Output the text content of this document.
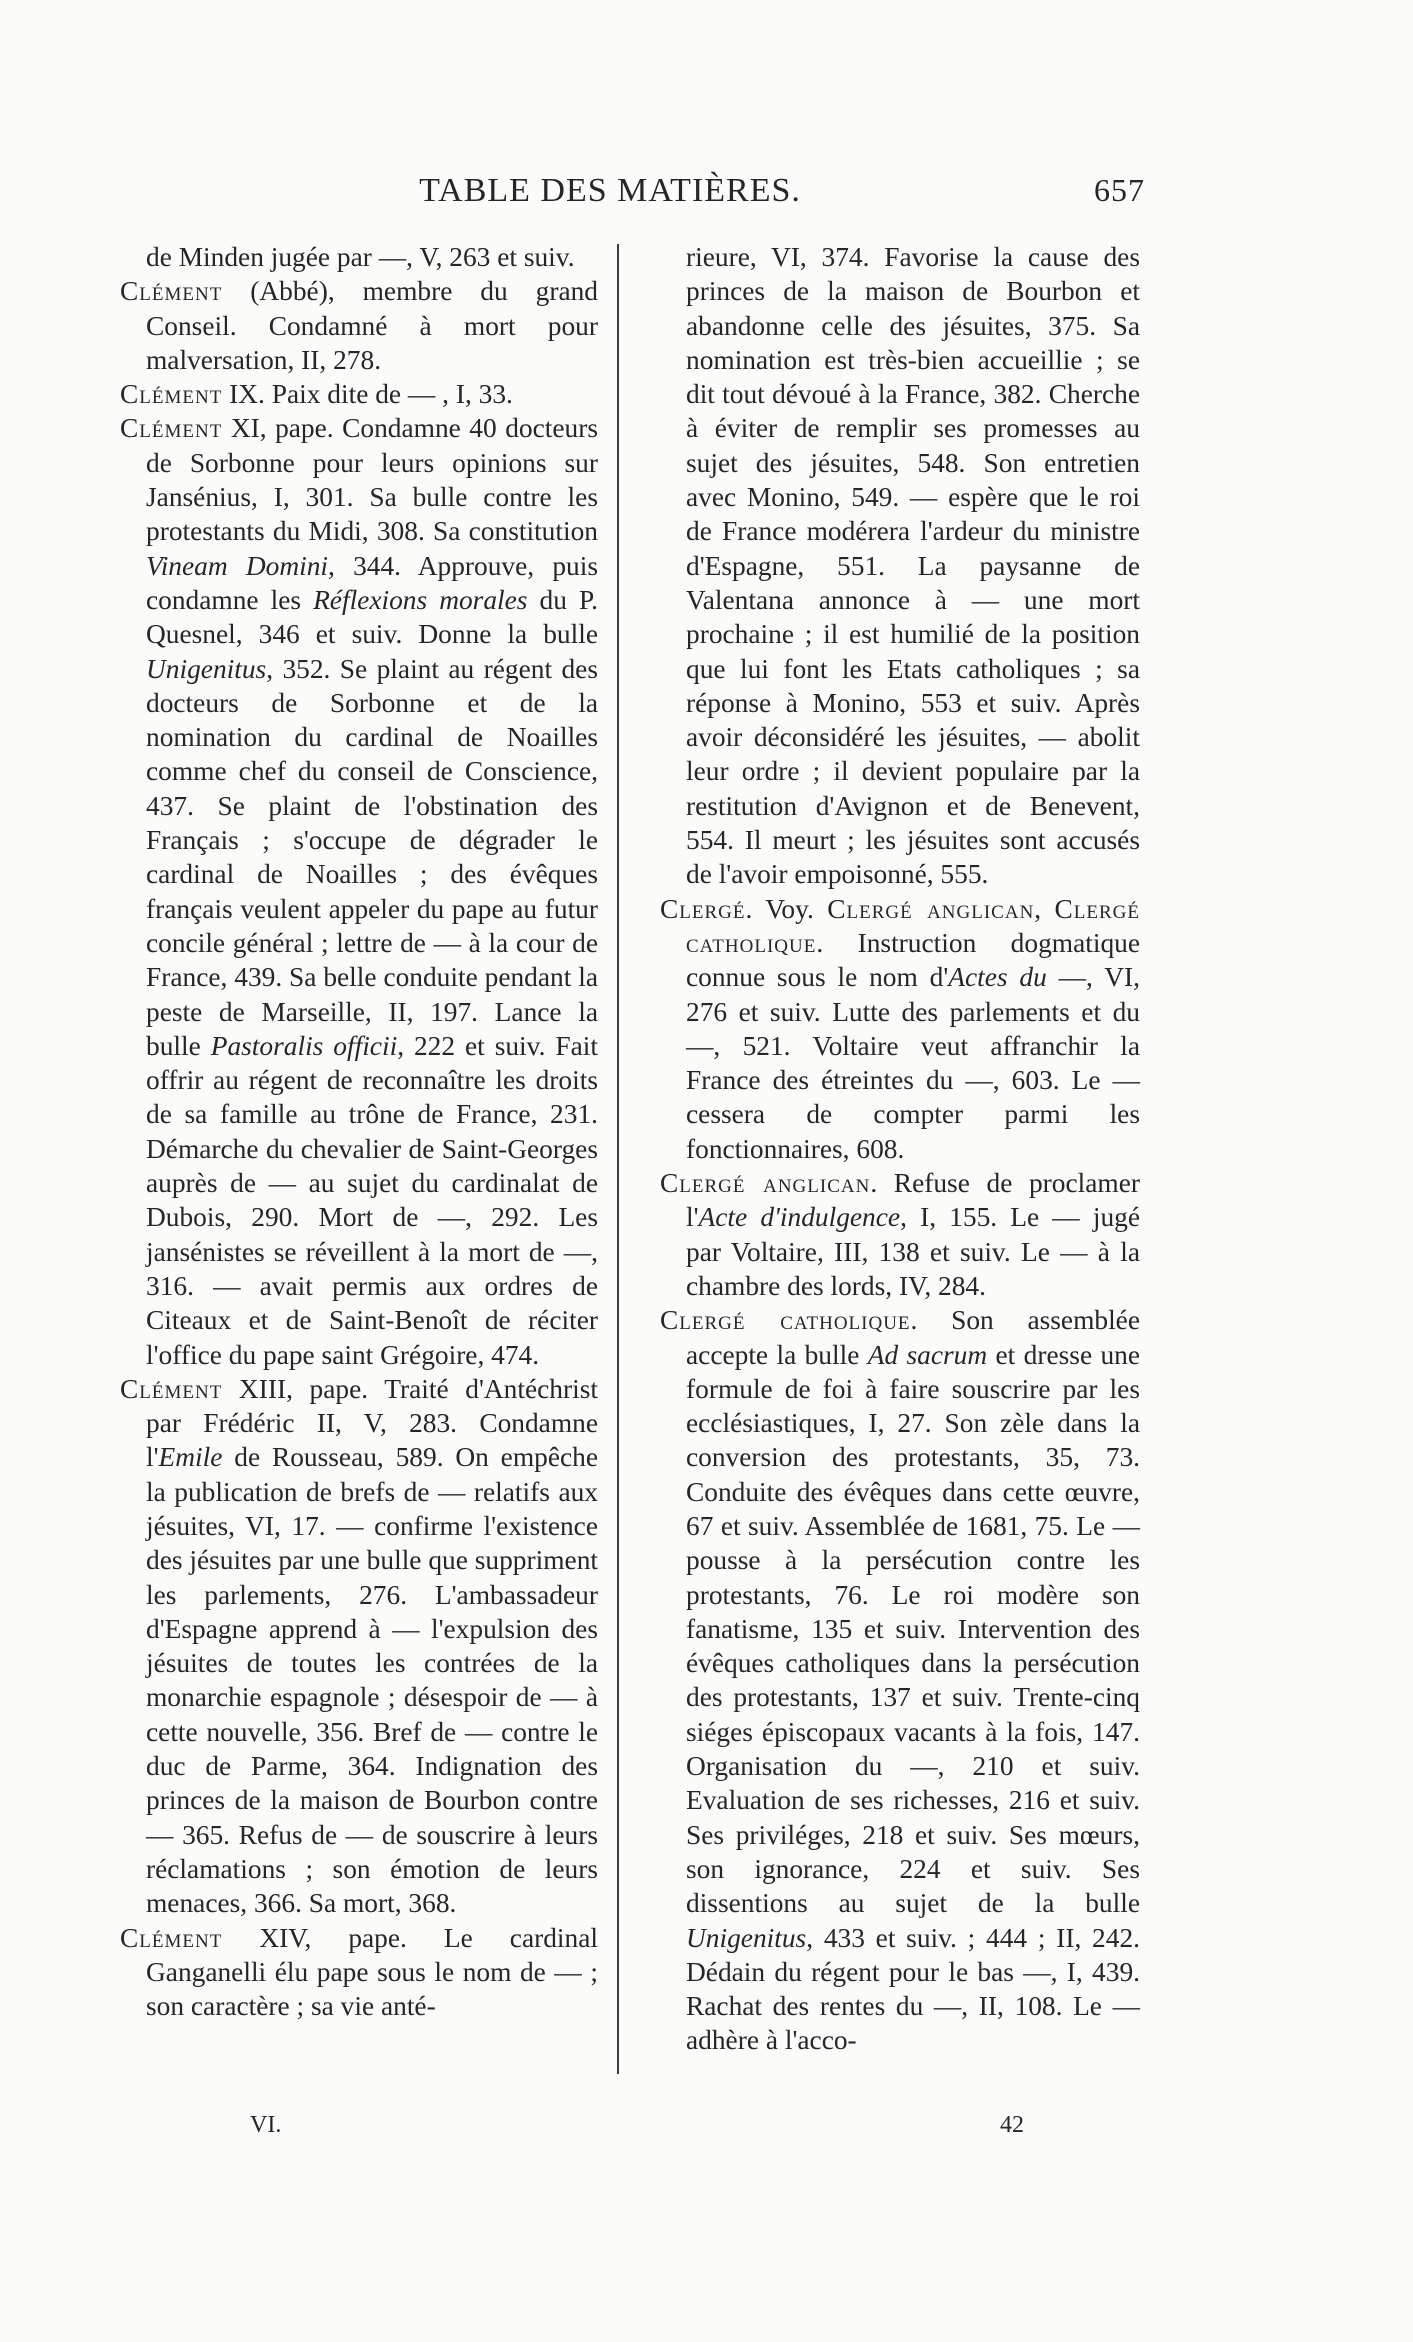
TABLE DES MATIÈRES.	657

de Minden jugée par —, V, 263 et suiv.

Clément (Abbé), membre du grand Conseil. Condamné à mort pour malversation, II, 278.

Clément IX. Paix dite de — , I, 33.

Clément XI, pape. Condamne 40 docteurs de Sorbonne pour leurs opinions sur Jansénius, I, 301. Sa bulle contre les protestants du Midi, 308. Sa constitution Vineam Domini, 344. Approuve, puis condamne les Réflexions morales du P. Quesnel, 346 et suiv. Donne la bulle Unigenitus, 352. Se plaint au régent des docteurs de Sorbonne et de la nomination du cardinal de Noailles comme chef du conseil de Conscience, 437. Se plaint de l'obstination des Français ; s'occupe de dégrader le cardinal de Noailles ; des évêques français veulent appeler du pape au futur concile général ; lettre de — à la cour de France, 439. Sa belle conduite pendant la peste de Marseille, II, 197. Lance la bulle Pastoralis officii, 222 et suiv. Fait offrir au régent de reconnaître les droits de sa famille au trône de France, 231. Démarche du chevalier de Saint-Georges auprès de — au sujet du cardinalat de Dubois, 290. Mort de —, 292. Les jansénistes se réveillent à la mort de —, 316. — avait permis aux ordres de Citeaux et de Saint-Benoît de réciter l'office du pape saint Grégoire, 474.

Clément XIII, pape. Traité d'Antéchrist par Frédéric II, V, 283. Condamne l'Emile de Rousseau, 589. On empêche la publication de brefs de — relatifs aux jésuites, VI, 17. — confirme l'existence des jésuites par une bulle que suppriment les parlements, 276. L'ambassadeur d'Espagne apprend à — l'expulsion des jésuites de toutes les contrées de la monarchie espagnole ; désespoir de — à cette nouvelle, 356. Bref de — contre le duc de Parme, 364. Indignation des princes de la maison de Bourbon contre — 365. Refus de — de souscrire à leurs réclamations ; son émotion de leurs menaces, 366. Sa mort, 368.

Clément XIV, pape. Le cardinal Ganganelli élu pape sous le nom de — ; son caractère ; sa vie anté-

rieure, VI, 374. Favorise la cause des princes de la maison de Bourbon et abandonne celle des jésuites, 375. Sa nomination est très-bien accueillie ; se dit tout dévoué à la France, 382. Cherche à éviter de remplir ses promesses au sujet des jésuites, 548. Son entretien avec Monino, 549. — espère que le roi de France modérera l'ardeur du ministre d'Espagne, 551. La paysanne de Valentana annonce à — une mort prochaine ; il est humilié de la position que lui font les Etats catholiques ; sa réponse à Monino, 553 et suiv. Après avoir déconsidéré les jésuites, — abolit leur ordre ; il devient populaire par la restitution d'Avignon et de Benevent, 554. Il meurt ; les jésuites sont accusés de l'avoir empoisonné, 555.

Clergé. Voy. Clergé anglican, Clergé catholique. Instruction dogmatique connue sous le nom d'Actes du —, VI, 276 et suiv. Lutte des parlements et du —, 521. Voltaire veut affranchir la France des étreintes du —, 603. Le — cessera de compter parmi les fonctionnaires, 608.

Clergé anglican. Refuse de proclamer l'Acte d'indulgence, I, 155. Le — jugé par Voltaire, III, 138 et suiv. Le — à la chambre des lords, IV, 284.

Clergé catholique. Son assemblée accepte la bulle Ad sacrum et dresse une formule de foi à faire souscrire par les ecclésiastiques, I, 27. Son zèle dans la conversion des protestants, 35, 73. Conduite des évêques dans cette œuvre, 67 et suiv. Assemblée de 1681, 75. Le — pousse à la persécution contre les protestants, 76. Le roi modère son fanatisme, 135 et suiv. Intervention des évêques catholiques dans la persécution des protestants, 137 et suiv. Trente-cinq siéges épiscopaux vacants à la fois, 147. Organisation du —, 210 et suiv. Evaluation de ses richesses, 216 et suiv. Ses priviléges, 218 et suiv. Ses mœurs, son ignorance, 224 et suiv. Ses dissentions au sujet de la bulle Unigenitus, 433 et suiv. ; 444 ; II, 242. Dédain du régent pour le bas —, I, 439. Rachat des rentes du —, II, 108. Le — adhère à l'acco-

VI.	42
